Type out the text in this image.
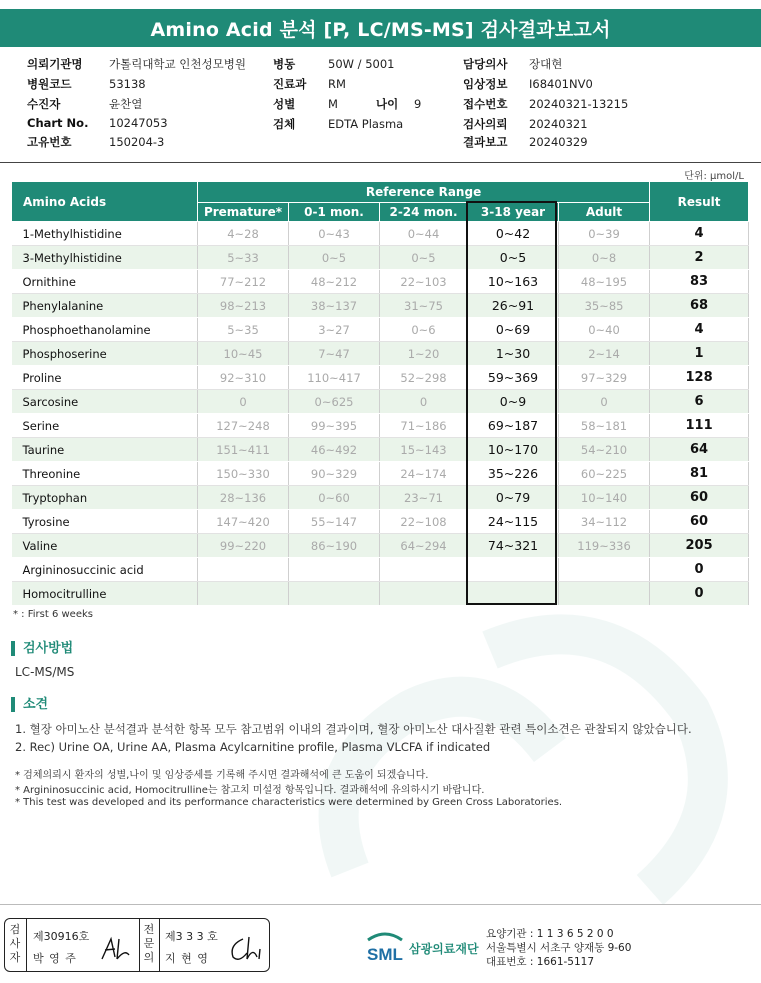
Amino Acid 분석 [P, LC/MS-MS] 검사결과보고서
의뢰기관명 가톨릭대학교 인천성모병원
병원코드	53138
수진자	윤찬열
Chart No. 10247053
고유번호	150204-3
병동	50W / 5001
진료과 RM
성별	M	나이 9
검체	EDTA Plasma
담당의사 장대현
임상정보 I68401NV0
접수번호 20240321-13215
검사의뢰 20240321
결과보고 20240329
단위: µmol/L
Amino Acids	Reference Range					Result
	Premature*	0-1 mon.	2-24 mon.	3-18 year	Adult	
1-Methylhistidine	4~28	0~43	0~44	0~42	0~39	4
3-Methylhistidine	5~33	0~5	0~5	0~5	0~8	2
Ornithine	77~212	48~212	22~103	10~163	48~195	83
Phenylalanine	98~213	38~137	31~75	26~91	35~85	68
Phosphoethanolamine	5~35	3~27	0~6	0~69	0~40	4
Phosphoserine	10~45	7~47	1~20	1~30	2~14	1
Proline	92~310	110~417	52~298	59~369	97~329	128
Sarcosine	0	0~625	0	0~9	0	6
Serine	127~248	99~395	71~186	69~187	58~181	111
Taurine	151~411	46~492	15~143	10~170	54~210	64
Threonine	150~330	90~329	24~174	35~226	60~225	81
Tryptophan	28~136	0~60	23~71	0~79	10~140	60
Tyrosine	147~420	55~147	22~108	24~115	34~112	60
Valine	99~220	86~190	64~294	74~321	119~336	205
Argininosuccinic acid						0
Homocitrulline						0
* : First 6 weeks
검사방법
LC-MS/MS
소견
1. 혈장 아미노산 분석결과 분석한 항목 모두 참고범위 이내의 결과이며, 혈장 아미노산 대사질환 관련 특이소견은 관찰되지 않았습니다.
2. Rec) Urine OA, Urine AA, Plasma Acylcarnitine profile, Plasma VLCFA if indicated
* 검체의뢰시 환자의 성별,나이 및 임상증세를 기록해 주시면 결과해석에 큰 도움이 되겠습니다.
* Argininosuccinic acid, Homocitrulline는 참고치 미설정 항목입니다. 결과해석에 유의하시기 바랍니다.
* This test was developed and its performance characteristics were determined by Green Cross Laboratories.
검
사
자
제30916호
박 영 주
전
문
의
제3 3 3 호
지 현 영	SML 삼광의료재단
요양기관 : 1 1 3 6 5 2 0 0
서울특별시 서초구 양재동 9-60
대표번호 : 1661-5117
